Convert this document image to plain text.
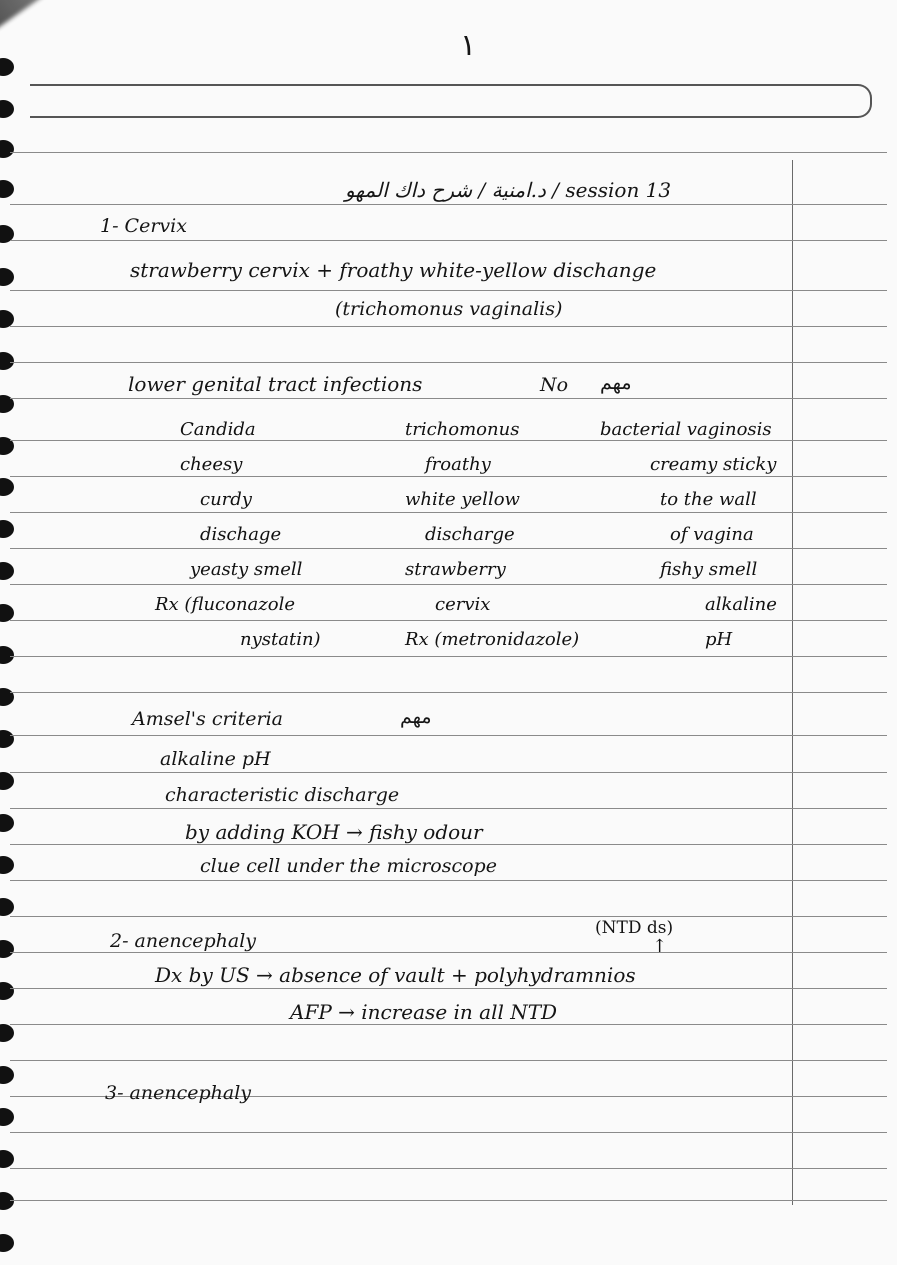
١
د.امنية / شرح داك المهو / session 13
1- Cervix
strawberry cervix + froathy white-yellow dischange
(trichomonus vaginalis)
lower genital tract infections	No مهم
Candida
cheesy
curdy
dischage
yeasty smell
Rx (fluconazole
nystatin)
trichomonus
froathy
white yellow
discharge
strawberry
cervix
Rx (metronidazole)
bacterial vaginosis
creamy sticky
to the wall
of vagina
fishy smell
alkaline
pH
Amsel's criteria	مهم
alkaline pH
characteristic discharge
by adding KOH → fishy odour
clue cell under the microscope
(NTD ds)
↑
2- anencephaly
Dx by US → absence of vault + polyhydramnios
AFP → increase in all NTD
3- anencephaly
